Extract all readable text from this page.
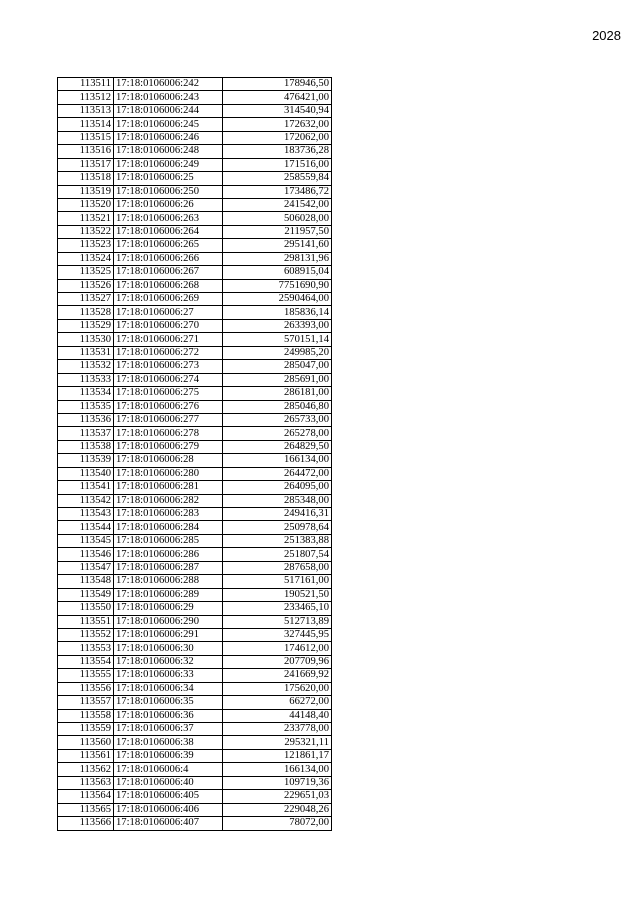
2028
113511	17:18:0106006:242	178946,50
113512	17:18:0106006:243	476421,00
113513	17:18:0106006:244	314540,94
113514	17:18:0106006:245	172632,00
113515	17:18:0106006:246	172062,00
113516	17:18:0106006:248	183736,28
113517	17:18:0106006:249	171516,00
113518	17:18:0106006:25	258559,84
113519	17:18:0106006:250	173486,72
113520	17:18:0106006:26	241542,00
113521	17:18:0106006:263	506028,00
113522	17:18:0106006:264	211957,50
113523	17:18:0106006:265	295141,60
113524	17:18:0106006:266	298131,96
113525	17:18:0106006:267	608915,04
113526	17:18:0106006:268	7751690,90
113527	17:18:0106006:269	2590464,00
113528	17:18:0106006:27	185836,14
113529	17:18:0106006:270	263393,00
113530	17:18:0106006:271	570151,14
113531	17:18:0106006:272	249985,20
113532	17:18:0106006:273	285047,00
113533	17:18:0106006:274	285691,00
113534	17:18:0106006:275	286181,00
113535	17:18:0106006:276	285046,80
113536	17:18:0106006:277	265733,00
113537	17:18:0106006:278	265278,00
113538	17:18:0106006:279	264829,50
113539	17:18:0106006:28	166134,00
113540	17:18:0106006:280	264472,00
113541	17:18:0106006:281	264095,00
113542	17:18:0106006:282	285348,00
113543	17:18:0106006:283	249416,31
113544	17:18:0106006:284	250978,64
113545	17:18:0106006:285	251383,88
113546	17:18:0106006:286	251807,54
113547	17:18:0106006:287	287658,00
113548	17:18:0106006:288	517161,00
113549	17:18:0106006:289	190521,50
113550	17:18:0106006:29	233465,10
113551	17:18:0106006:290	512713,89
113552	17:18:0106006:291	327445,95
113553	17:18:0106006:30	174612,00
113554	17:18:0106006:32	207709,96
113555	17:18:0106006:33	241669,92
113556	17:18:0106006:34	175620,00
113557	17:18:0106006:35	66272,00
113558	17:18:0106006:36	44148,40
113559	17:18:0106006:37	233778,00
113560	17:18:0106006:38	295321,11
113561	17:18:0106006:39	121861,17
113562	17:18:0106006:4	166134,00
113563	17:18:0106006:40	109719,36
113564	17:18:0106006:405	229651,03
113565	17:18:0106006:406	229048,26
113566	17:18:0106006:407	78072,00
